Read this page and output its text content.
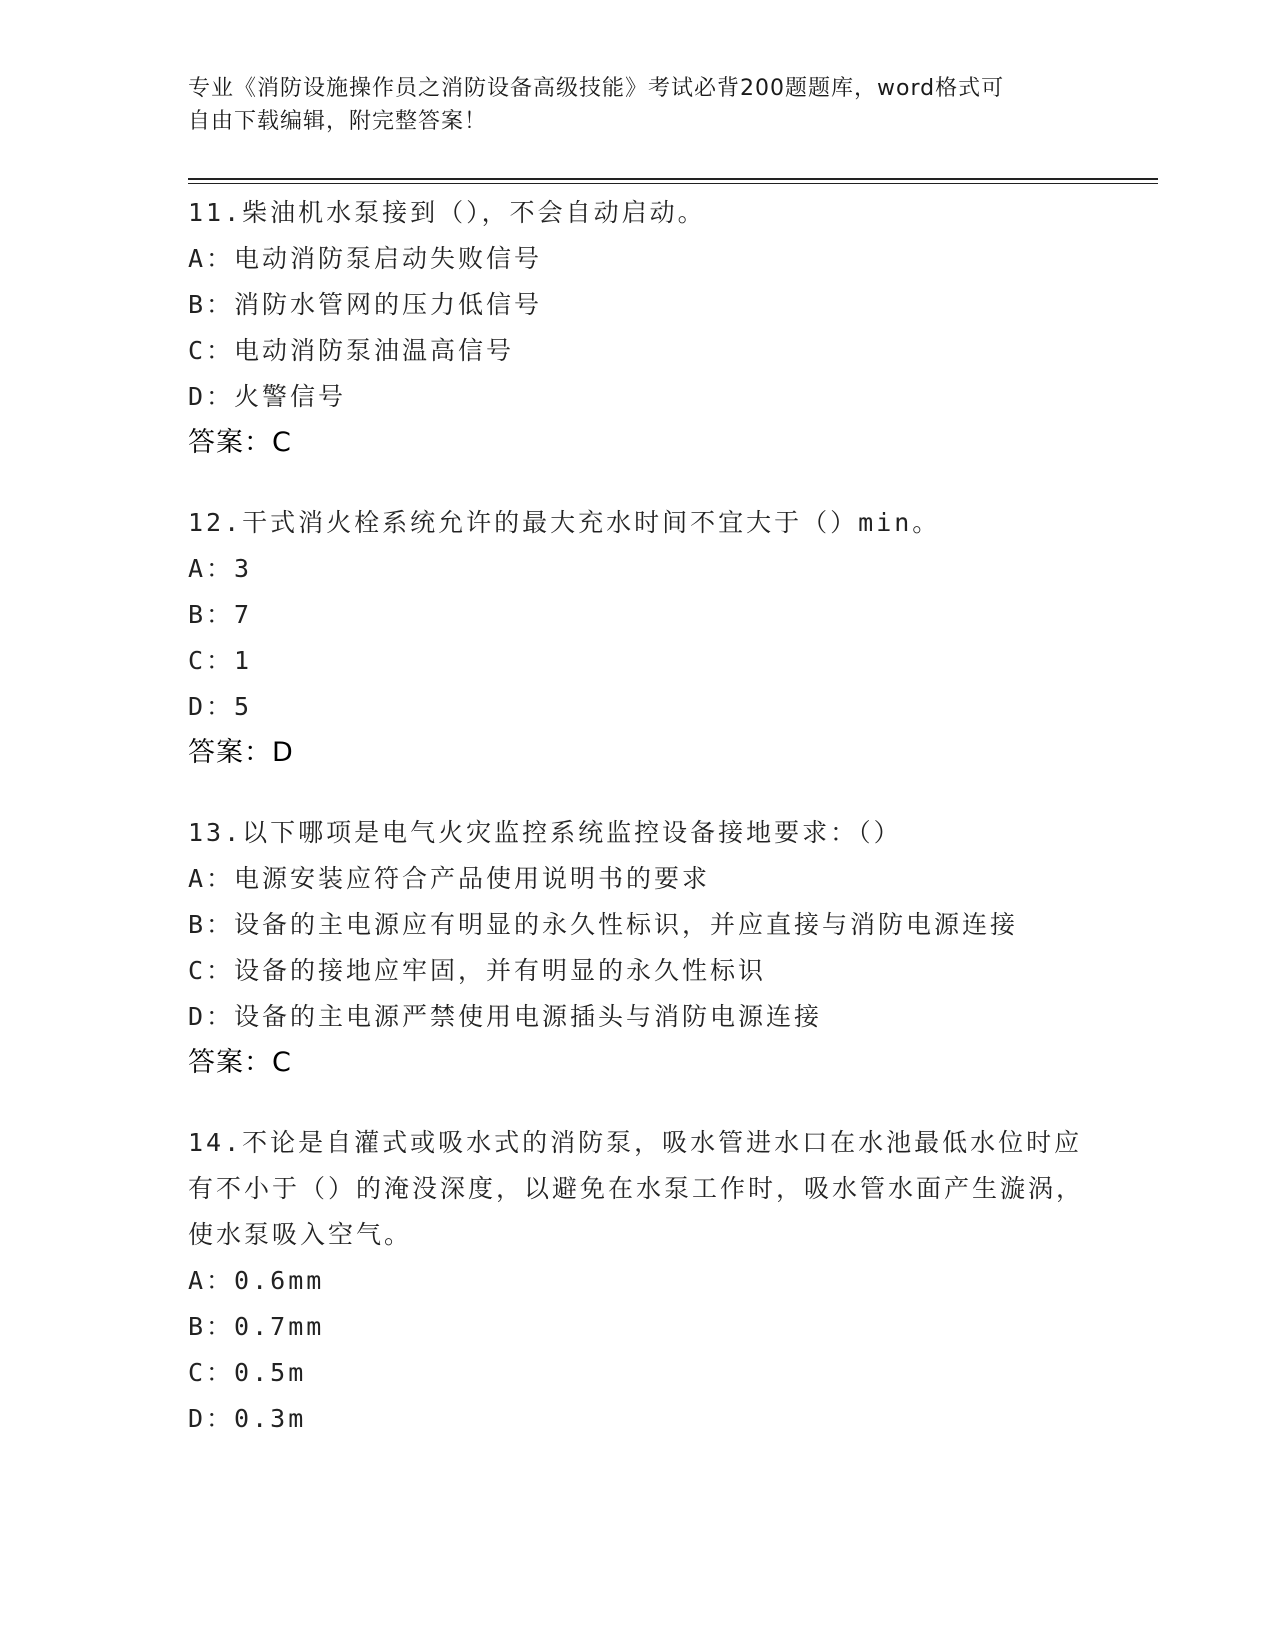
专业《消防设施操作员之消防设备高级技能》考试必背200题题库，word格式可
自由下载编辑，附完整答案！

11.柴油机水泵接到（），不会自动启动。

A：电动消防泵启动失败信号

B：消防水管网的压力低信号

C：电动消防泵油温高信号

D：火警信号

答案：C

12.干式消火栓系统允许的最大充水时间不宜大于（）min。

A：3

B：7

C：1

D：5

答案：D

13.以下哪项是电气火灾监控系统监控设备接地要求：（）

A：电源安装应符合产品使用说明书的要求

B：设备的主电源应有明显的永久性标识，并应直接与消防电源连接

C：设备的接地应牢固，并有明显的永久性标识

D：设备的主电源严禁使用电源插头与消防电源连接

答案：C

14.不论是自灌式或吸水式的消防泵，吸水管进水口在水池最低水位时应有不小于（）的淹没深度，以避免在水泵工作时，吸水管水面产生漩涡，使水泵吸入空气。

A：0.6mm

B：0.7mm

C：0.5m

D：0.3m
